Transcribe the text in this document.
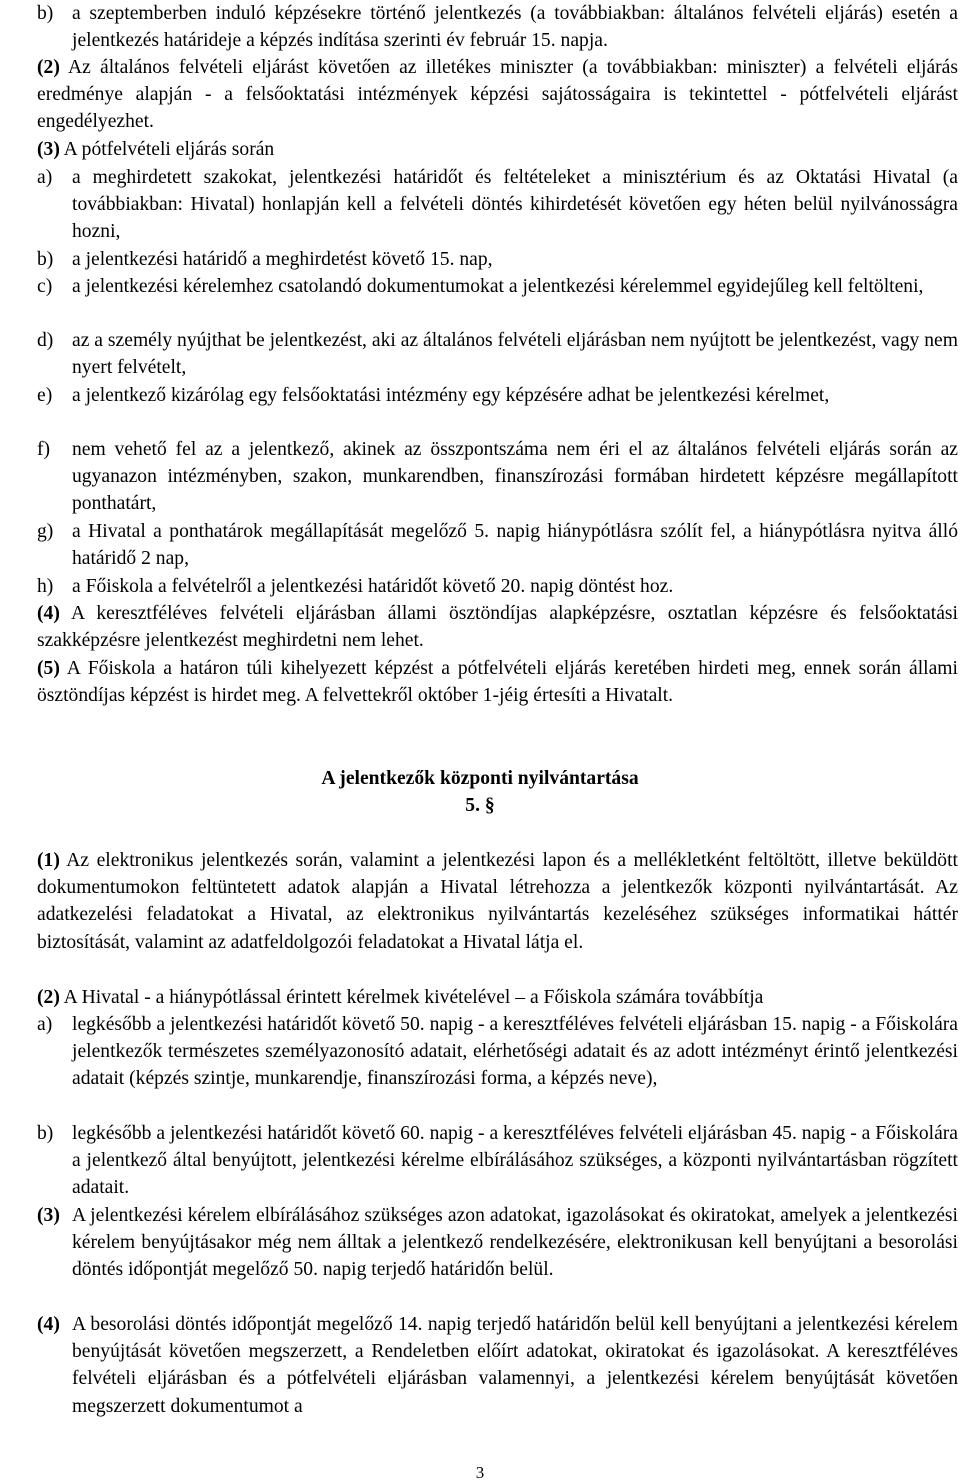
b) a szeptemberben induló képzésekre történő jelentkezés (a továbbiakban: általános felvételi eljárás) esetén a jelentkezés határideje a képzés indítása szerinti év február 15. napja.
(2) Az általános felvételi eljárást követően az illetékes miniszter (a továbbiakban: miniszter) a felvételi eljárás eredménye alapján - a felsőoktatási intézmények képzési sajátosságaira is tekintettel - pótfelvételi eljárást engedélyezhet.
(3) A pótfelvételi eljárás során
a) a meghirdetett szakokat, jelentkezési határidőt és feltételeket a minisztérium és az Oktatási Hivatal (a továbbiakban: Hivatal) honlapján kell a felvételi döntés kihirdetését követően egy héten belül nyilvánosságra hozni,
b) a jelentkezési határidő a meghirdetést követő 15. nap,
c) a jelentkezési kérelemhez csatolandó dokumentumokat a jelentkezési kérelemmel egyidejűleg kell feltölteni,
d) az a személy nyújthat be jelentkezést, aki az általános felvételi eljárásban nem nyújtott be jelentkezést, vagy nem nyert felvételt,
e) a jelentkező kizárólag egy felsőoktatási intézmény egy képzésére adhat be jelentkezési kérelmet,
f) nem vehető fel az a jelentkező, akinek az összpontszáma nem éri el az általános felvételi eljárás során az ugyanazon intézményben, szakon, munkarendben, finanszírozási formában hirdetett képzésre megállapított ponthatárt,
g) a Hivatal a ponthatárok megállapítását megelőző 5. napig hiánypótlásra szólít fel, a hiánypótlásra nyitva álló határidő 2 nap,
h) a Főiskola a felvételről a jelentkezési határidőt követő 20. napig döntést hoz.
(4) A keresztféléves felvételi eljárásban állami ösztöndíjas alapképzésre, osztatlan képzésre és felsőoktatási szakképzésre jelentkezést meghirdetni nem lehet.
(5) A Főiskola a határon túli kihelyezett képzést a pótfelvételi eljárás keretében hirdeti meg, ennek során állami ösztöndíjas képzést is hirdet meg. A felvettekről október 1-jéig értesíti a Hivatalt.
A jelentkezők központi nyilvántartása
5. §
(1) Az elektronikus jelentkezés során, valamint a jelentkezési lapon és a mellékletként feltöltött, illetve beküldött dokumentumokon feltüntetett adatok alapján a Hivatal létrehozza a jelentkezők központi nyilvántartását. Az adatkezelési feladatokat a Hivatal, az elektronikus nyilvántartás kezeléséhez szükséges informatikai háttér biztosítását, valamint az adatfeldolgozói feladatokat a Hivatal látja el.
(2) A Hivatal - a hiánypótlással érintett kérelmek kivételével – a Főiskola számára továbbítja
a) legkésőbb a jelentkezési határidőt követő 50. napig - a keresztféléves felvételi eljárásban 15. napig - a Főiskolára jelentkezők természetes személyazonosító adatait, elérhetőségi adatait és az adott intézményt érintő jelentkezési adatait (képzés szintje, munkarendje, finanszírozási forma, a képzés neve),
b) legkésőbb a jelentkezési határidőt követő 60. napig - a keresztféléves felvételi eljárásban 45. napig - a Főiskolára a jelentkező által benyújtott, jelentkezési kérelme elbírálásához szükséges, a központi nyilvántartásban rögzített adatait.
(3) A jelentkezési kérelem elbírálásához szükséges azon adatokat, igazolásokat és okiratokat, amelyek a jelentkezési kérelem benyújtásakor még nem álltak a jelentkező rendelkezésére, elektronikusan kell benyújtani a besorolási döntés időpontját megelőző 50. napig terjedő határidőn belül.
(4) A besorolási döntés időpontját megelőző 14. napig terjedő határidőn belül kell benyújtani a jelentkezési kérelem benyújtását követően megszerzett, a Rendeletben előírt adatokat, okiratokat és igazolásokat. A keresztféléves felvételi eljárásban és a pótfelvételi eljárásban valamennyi, a jelentkezési kérelem benyújtását követően megszerzett dokumentumot a
3
